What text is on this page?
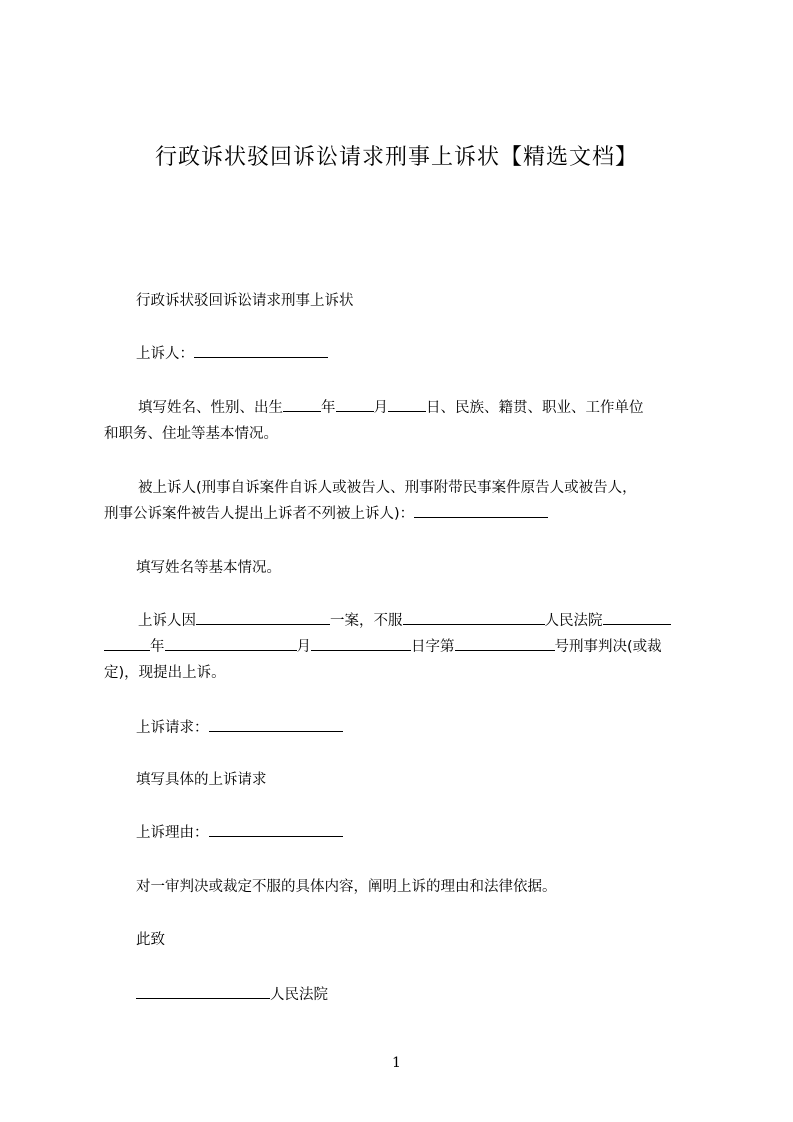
行政诉状驳回诉讼请求刑事上诉状【精选文档】
行政诉状驳回诉讼请求刑事上诉状
上诉人：
填写姓名、性别、出生	年	月	日、民族、籍贯、职业、工作单位
和职务、住址等基本情况。
被上诉人(刑事自诉案件自诉人或被告人、刑事附带民事案件原告人或被告人，
刑事公诉案件被告人提出上诉者不列被上诉人)：
填写姓名等基本情况。
上诉人因	一案，不服	人民法院
年	月	日字第	号刑事判决(或裁
定)，现提出上诉。
上诉请求：
填写具体的上诉请求
上诉理由：
对一审判决或裁定不服的具体内容，阐明上诉的理由和法律依据。
此致
人民法院
1
